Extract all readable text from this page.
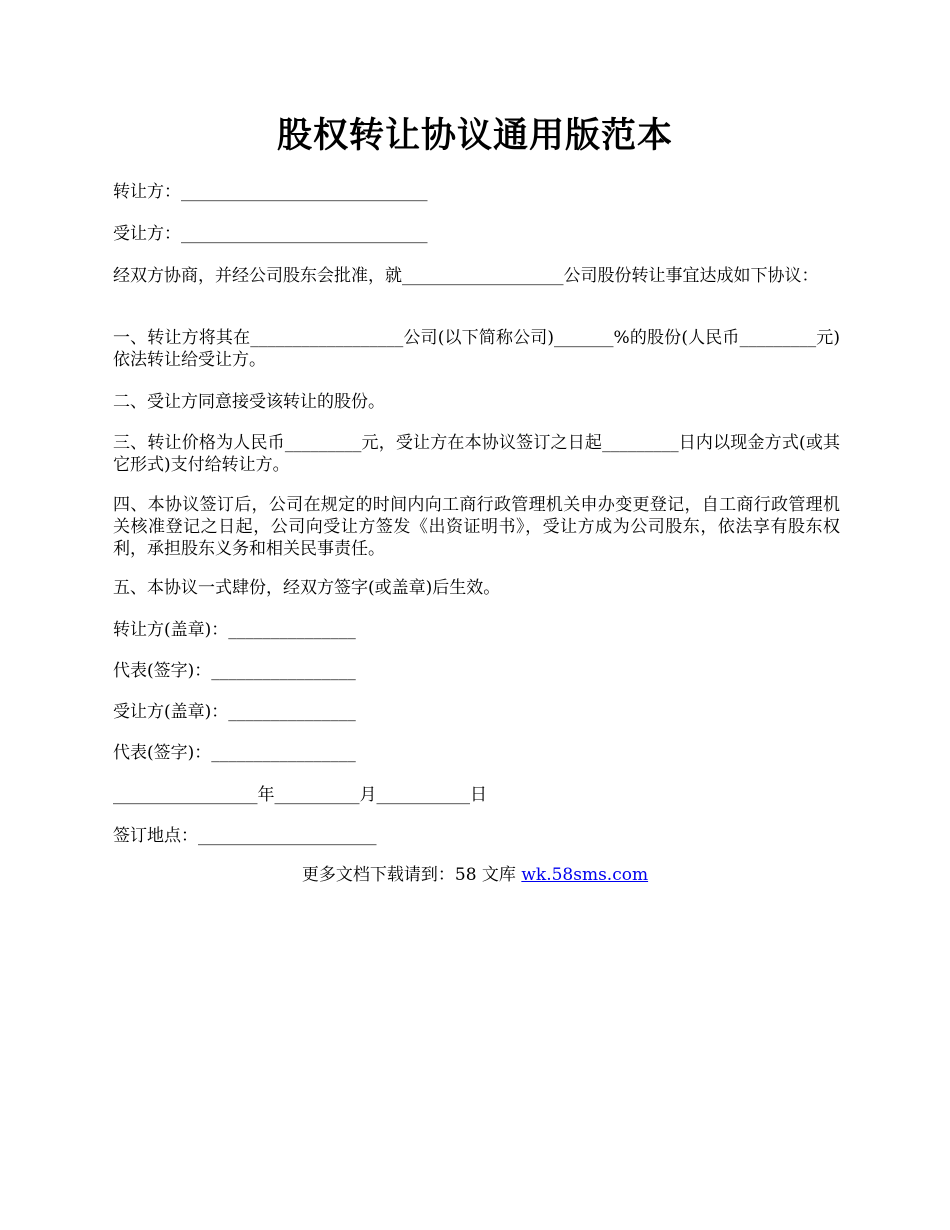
股权转让协议通用版范本

转让方：_____________________________

受让方：_____________________________

经双方协商，并经公司股东会批准，就___________________公司股份转让事宜达成如下协议：

一、转让方将其在__________________公司(以下简称公司)_______%的股份(人民币_________元)依法转让给受让方。

二、受让方同意接受该转让的股份。

三、转让价格为人民币_________元，受让方在本协议签订之日起_________日内以现金方式(或其它形式)支付给转让方。

四、本协议签订后，公司在规定的时间内向工商行政管理机关申办变更登记，自工商行政管理机关核准登记之日起，公司向受让方签发《出资证明书》，受让方成为公司股东，依法享有股东权利，承担股东义务和相关民事责任。

五、本协议一式肆份，经双方签字(或盖章)后生效。

转让方(盖章)：_______________

代表(签字)：_________________

受让方(盖章)：_______________

代表(签字)：_________________

_________________年__________月___________日

签订地点：_____________________

更多文档下载请到：58 文库 wk.58sms.com
